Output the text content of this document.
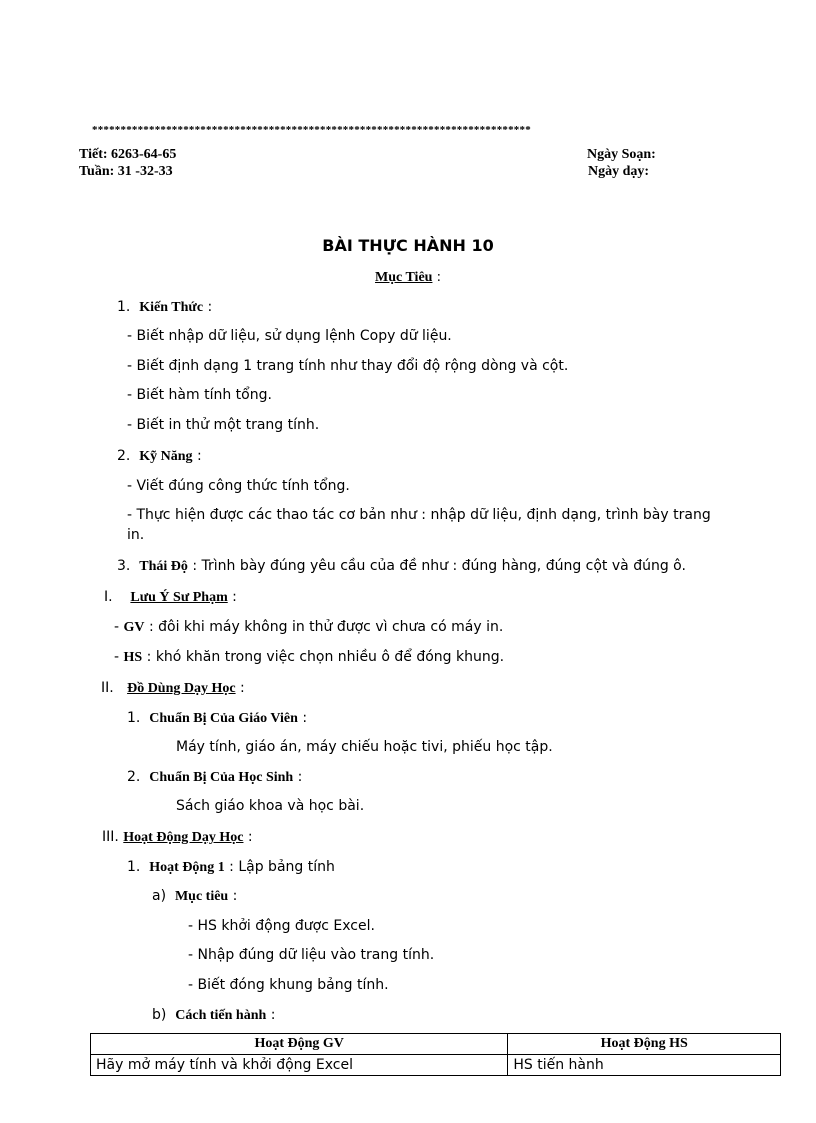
*****************************************************************************
Tiết: 6263-64-65
Tuần: 31 -32-33
Ngày Soạn:
Ngày dạy:
BÀI THỰC HÀNH 10
Mục Tiêu :
1. Kiến Thức :
- Biết nhập dữ liệu, sử dụng lệnh Copy dữ liệu.
- Biết định dạng 1 trang tính như thay đổi độ rộng dòng và cột.
- Biết hàm tính tổng.
- Biết in thử một trang tính.
2. Kỹ Năng :
- Viết đúng công thức tính tổng.
- Thực hiện được các thao tác cơ bản như : nhập dữ liệu, định dạng, trình bày trang
in.
3. Thái Độ : Trình bày đúng yêu cầu của đề như : đúng hàng, đúng cột và đúng ô.
I. Lưu Ý Sư Phạm :
- GV : đôi khi máy không in thử được vì chưa có máy in.
- HS : khó khăn trong việc chọn nhiều ô để đóng khung.
II. Đồ Dùng Dạy Học :
1. Chuẩn Bị Của Giáo Viên :
Máy tính, giáo án, máy chiếu hoặc tivi, phiếu học tập.
2. Chuẩn Bị Của Học Sinh :
Sách giáo khoa và học bài.
III. Hoạt Động Dạy Học :
1. Hoạt Động 1 : Lập bảng tính
a) Mục tiêu :
- HS khởi động được Excel.
- Nhập đúng dữ liệu vào trang tính.
- Biết đóng khung bảng tính.
b) Cách tiến hành :
Hoạt Động GV	Hoạt Động HS
Hãy mở máy tính và khởi động Excel	HS tiến hành
